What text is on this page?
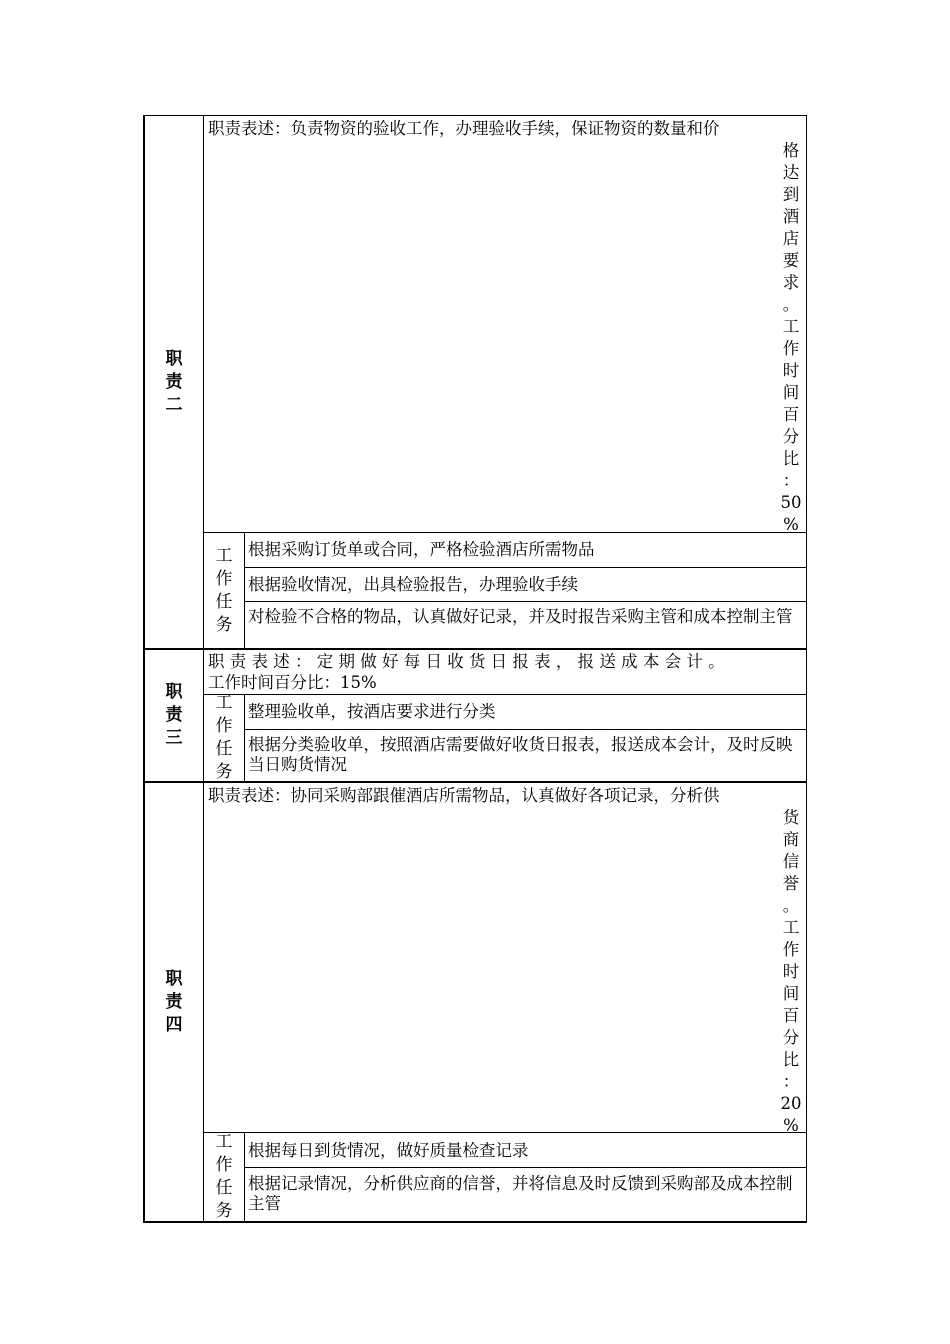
职
责
二
职责表述：负责物资的验收工作，办理验收手续，保证物资的数量和价
格
达
到
酒
店
要
求
。
工
作
时
间
百
分
比
：
50
%
工
作
任
务
根据采购订货单或合同，严格检验酒店所需物品
根据验收情况，出具检验报告，办理验收手续
对检验不合格的物品，认真做好记录，并及时报告采购主管和成本控制主管
职
责
三
职 责 表 述 ： 定 期 做 好 每 日 收 货 日 报 表 ， 报 送 成 本 会 计 。
工作时间百分比：15%
工
作
任
务
整理验收单，按酒店要求进行分类
根据分类验收单，按照酒店需要做好收货日报表，报送成本会计，及时反映当日购货情况
职
责
四
职责表述：协同采购部跟催酒店所需物品，认真做好各项记录，分析供
货
商
信
誉
。
工
作
时
间
百
分
比
：
20
%
工
作
任
务
根据每日到货情况，做好质量检查记录
根据记录情况，分析供应商的信誉，并将信息及时反馈到采购部及成本控制主管
